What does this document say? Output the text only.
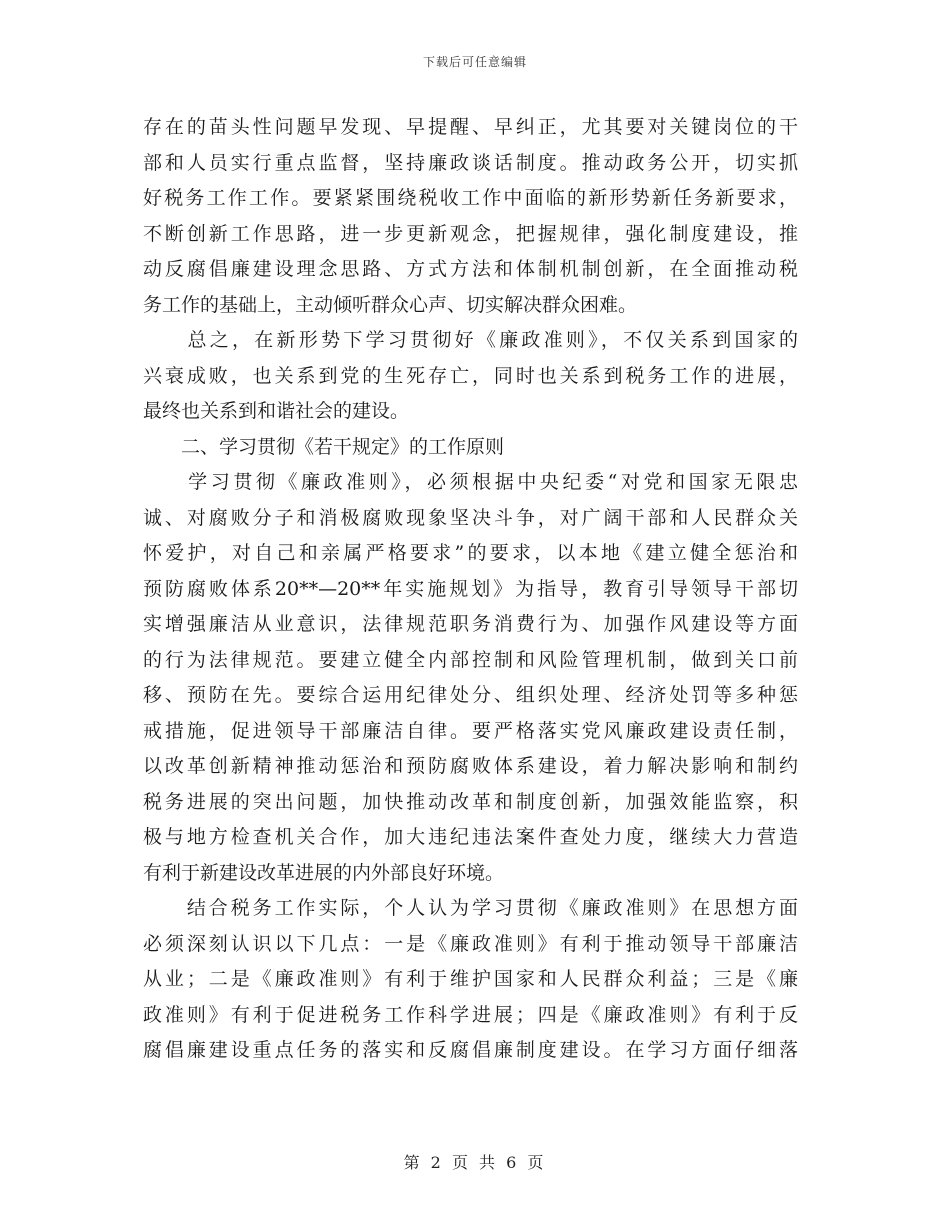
下载后可任意编辑
存在的苗头性问题早发现、早提醒、早纠正，尤其要对关键岗位的干
部和人员实行重点监督，坚持廉政谈话制度。推动政务公开，切实抓
好税务工作工作。要紧紧围绕税收工作中面临的新形势新任务新要求，
不断创新工作思路，进一步更新观念，把握规律，强化制度建设，推
动反腐倡廉建设理念思路、方式方法和体制机制创新，在全面推动税
务工作的基础上，主动倾听群众心声、切实解决群众困难。
　　总之，在新形势下学习贯彻好《廉政准则》，不仅关系到国家的
兴衰成败，也关系到党的生死存亡，同时也关系到税务工作的进展，
最终也关系到和谐社会的建设。
　　二、学习贯彻《若干规定》的工作原则
　　学习贯彻《廉政准则》，必须根据中央纪委“对党和国家无限忠
诚、对腐败分子和消极腐败现象坚决斗争，对广阔干部和人民群众关
怀爱护，对自己和亲属严格要求”的要求，以本地《建立健全惩治和
预防腐败体系20**—20**年实施规划》为指导，教育引导领导干部切
实增强廉洁从业意识，法律规范职务消费行为、加强作风建设等方面
的行为法律规范。要建立健全内部控制和风险管理机制，做到关口前
移、预防在先。要综合运用纪律处分、组织处理、经济处罚等多种惩
戒措施，促进领导干部廉洁自律。要严格落实党风廉政建设责任制，
以改革创新精神推动惩治和预防腐败体系建设，着力解决影响和制约
税务进展的突出问题，加快推动改革和制度创新，加强效能监察，积
极与地方检查机关合作，加大违纪违法案件查处力度，继续大力营造
有利于新建设改革进展的内外部良好环境。
　　结合税务工作实际，个人认为学习贯彻《廉政准则》在思想方面
必须深刻认识以下几点：一是《廉政准则》有利于推动领导干部廉洁
从业；二是《廉政准则》有利于维护国家和人民群众利益；三是《廉
政准则》有利于促进税务工作科学进展；四是《廉政准则》有利于反
腐倡廉建设重点任务的落实和反腐倡廉制度建设。在学习方面仔细落
第 2 页 共 6 页
